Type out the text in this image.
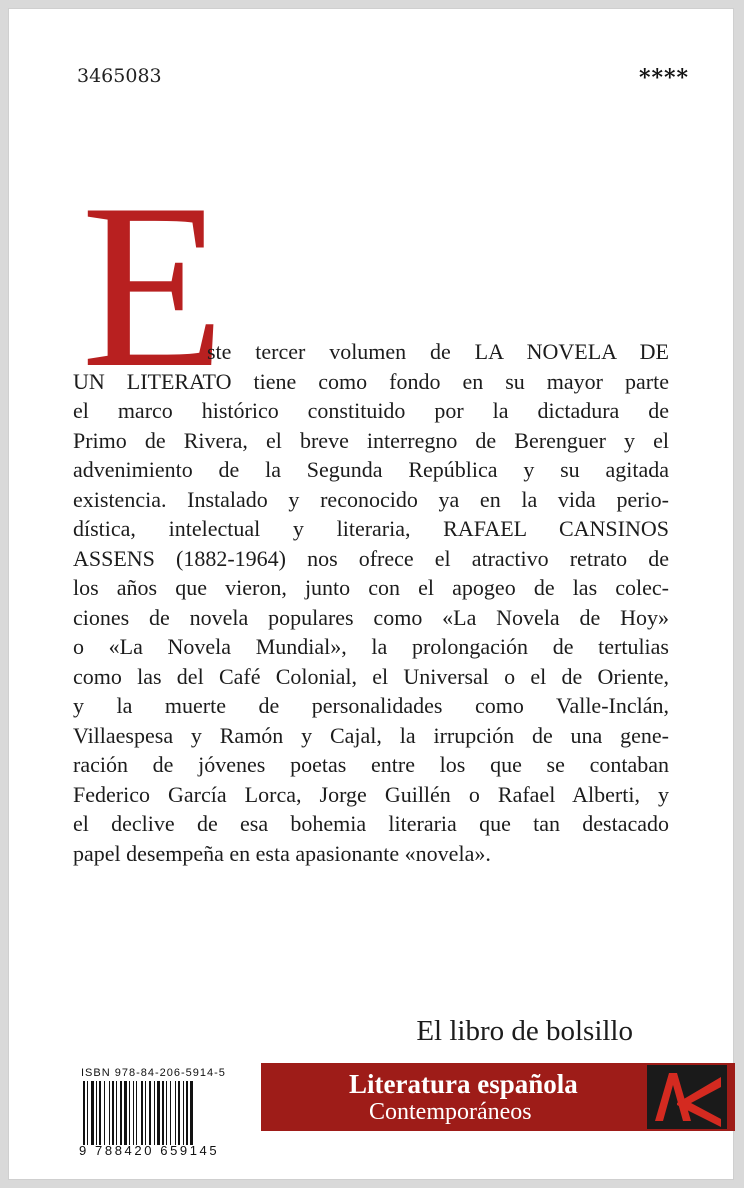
3465083	****
E
ste tercer volumen de LA NOVELA DE
UN LITERATO tiene como fondo en su mayor parte
el marco histórico constituido por la dictadura de
Primo de Rivera, el breve interregno de Berenguer y el
advenimiento de la Segunda República y su agitada
existencia. Instalado y reconocido ya en la vida perio-
dística, intelectual y literaria, RAFAEL CANSINOS
ASSENS (1882-1964) nos ofrece el atractivo retrato de
los años que vieron, junto con el apogeo de las colec-
ciones de novela populares como «La Novela de Hoy»
o «La Novela Mundial», la prolongación de tertulias
como las del Café Colonial, el Universal o el de Oriente,
y la muerte de personalidades como Valle-Inclán,
Villaespesa y Ramón y Cajal, la irrupción de una gene-
ración de jóvenes poetas entre los que se contaban
Federico García Lorca, Jorge Guillén o Rafael Alberti, y
el declive de esa bohemia literaria que tan destacado
papel desempeña en esta apasionante «novela».
El libro de bolsillo
ISBN 978-84-206-5914-5
9 788420 659145
Literatura española
Contemporáneos
